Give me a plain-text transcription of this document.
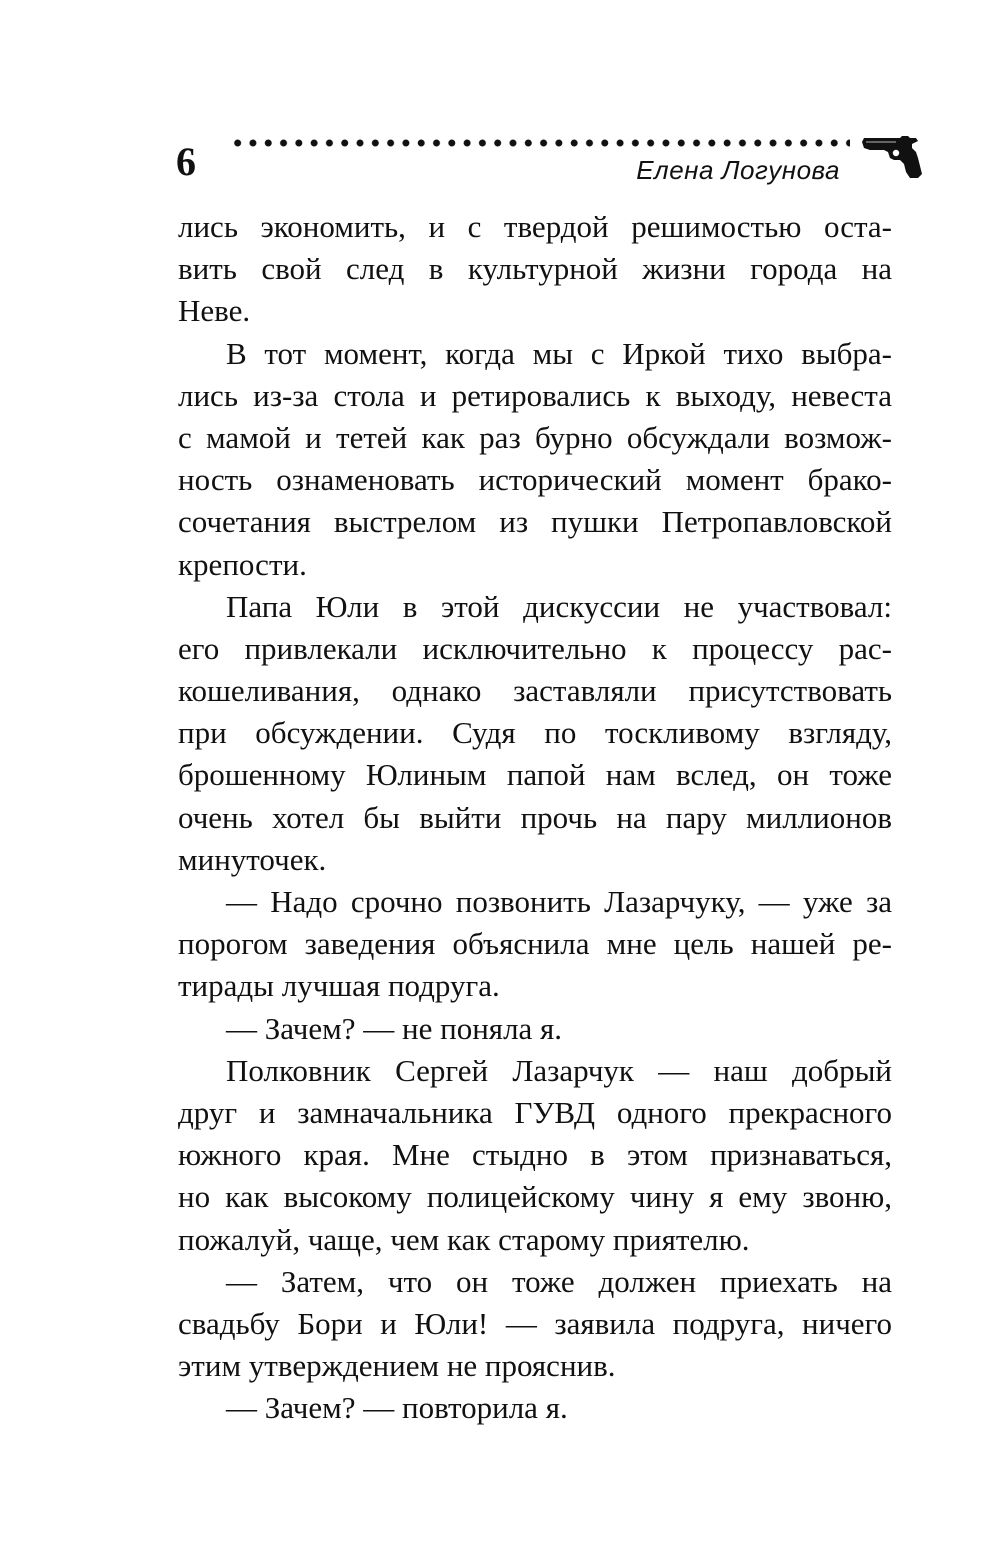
6	Елена Логунова
лись экономить, и с твердой решимостью оста-
вить свой след в культурной жизни города на
Неве.
В тот момент, когда мы с Иркой тихо выбра-
лись из-за стола и ретировались к выходу, невеста
с мамой и тетей как раз бурно обсуждали возмож-
ность ознаменовать исторический момент брако-
сочетания выстрелом из пушки Петропавловской
крепости.
Папа Юли в этой дискуссии не участвовал:
его привлекали исключительно к процессу рас-
кошеливания, однако заставляли присутствовать
при обсуждении. Судя по тоскливому взгляду,
брошенному Юлиным папой нам вслед, он тоже
очень хотел бы выйти прочь на пару миллионов
минуточек.
— Надо срочно позвонить Лазарчуку, — уже за
порогом заведения объяснила мне цель нашей ре-
тирады лучшая подруга.
— Зачем? — не поняла я.
Полковник Сергей Лазарчук — наш добрый
друг и замначальника ГУВД одного прекрасного
южного края. Мне стыдно в этом признаваться,
но как высокому полицейскому чину я ему звоню,
пожалуй, чаще, чем как старому приятелю.
— Затем, что он тоже должен приехать на
свадьбу Бори и Юли! — заявила подруга, ничего
этим утверждением не прояснив.
— Зачем? — повторила я.
